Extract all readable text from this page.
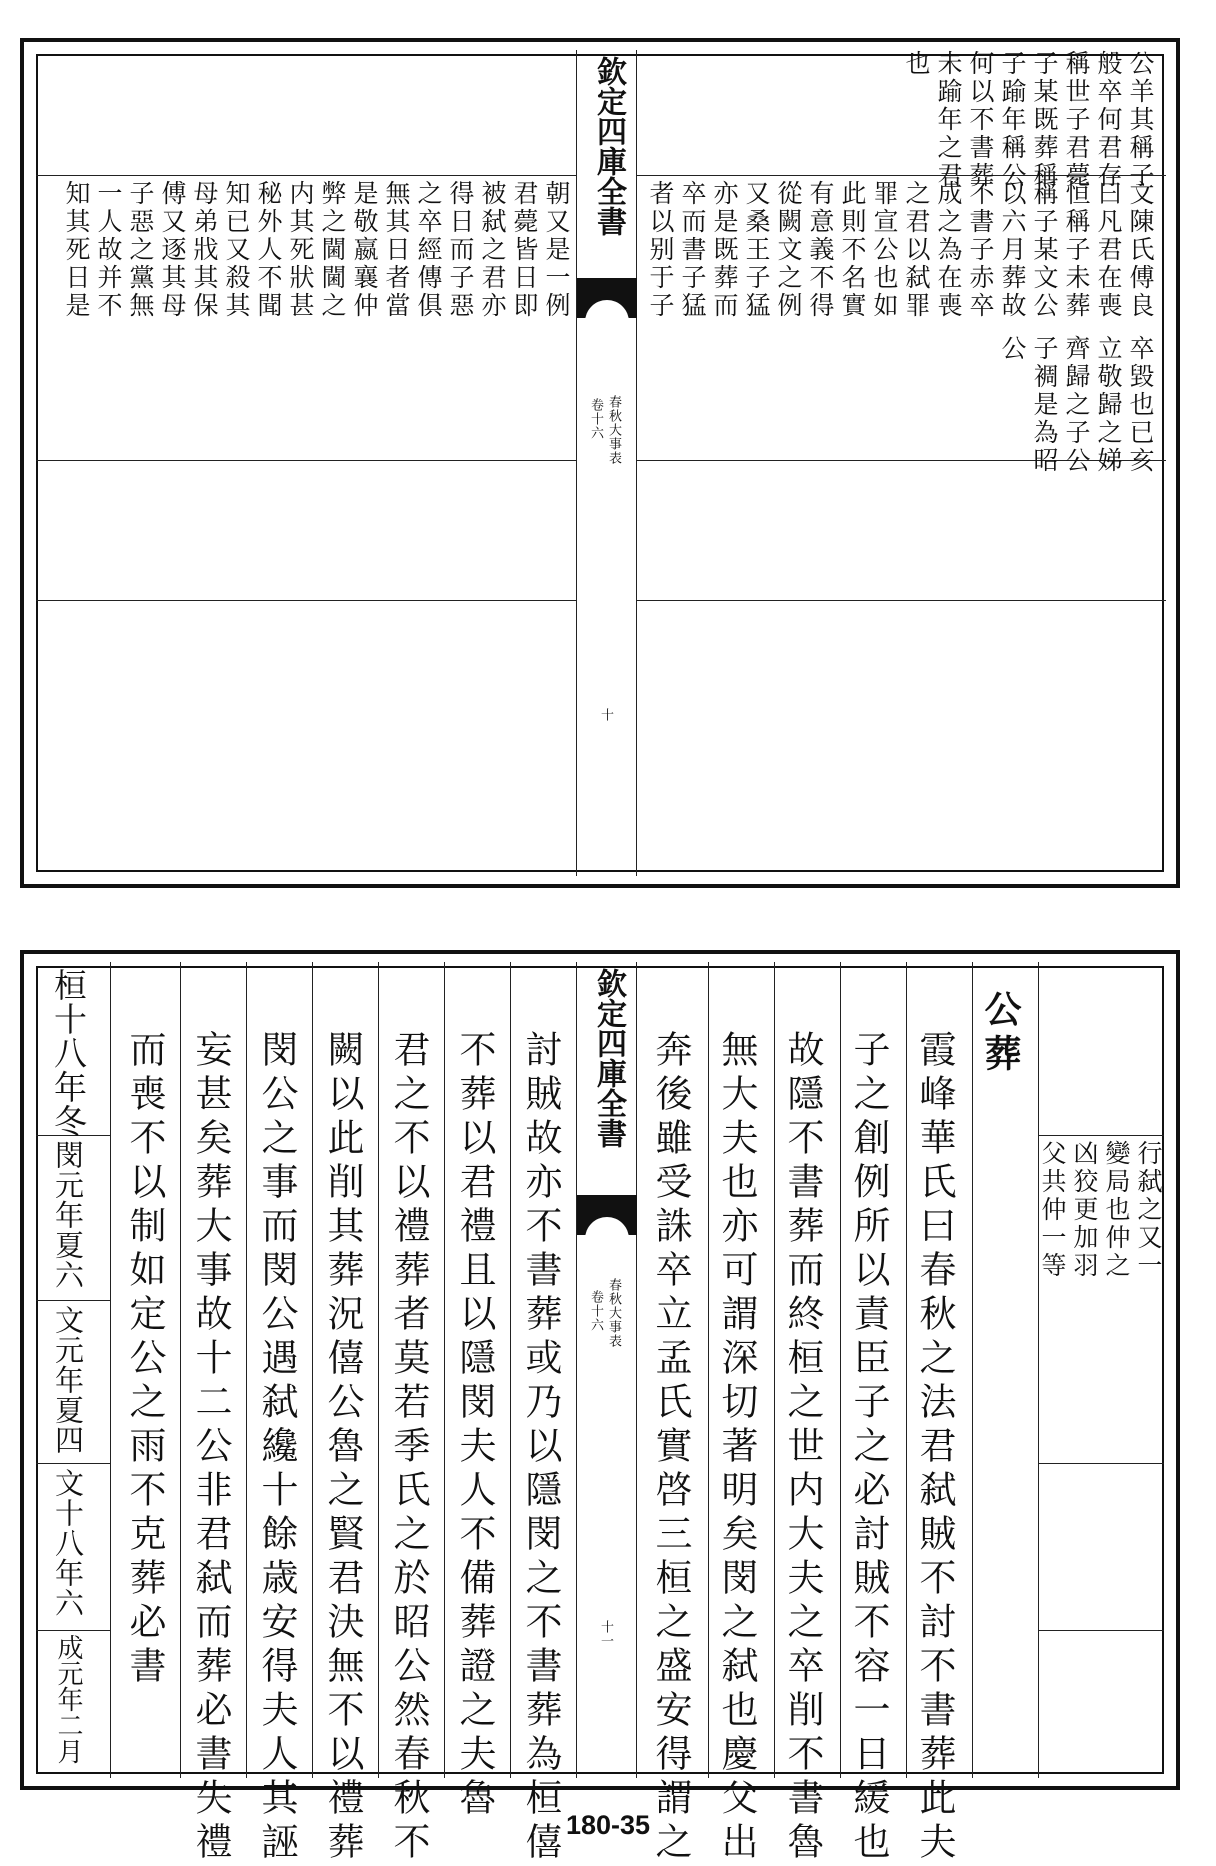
欽定四庫全書
春秋大事表
卷十六
十
公羊其稱子
般卒何君存
稱世子君薨
子某既葬稱
子踰年稱公
何以不書葬
未踰年之君
也
文陳氏傅良
曰凡君在喪
恒稱子未葬
稱子某文公
以六月葬故
不書子赤卒
成之為在喪
之君以弑罪
罪宣公也如
此則不名實
有意義不得
從闕文之例
又桑王子猛
亦是既葬而
卒而書子猛
者以别于子
卒毀也已亥
立敬歸之娣
齊歸之子公
子裯是為昭
公
朝又是一例
君薨皆日即
被弑之君亦
得日而子惡
之卒經傳俱
無其日者當
是敬嬴襄仲
弊之閫閫之
内其死狀甚
秘外人不聞
知已又殺其
母弟戕其保
傅又逐其母
子惡之黨無
一人故并不
知其死日是
欽定四庫全書
春秋大事表
卷十六
十一
行弑之又一
變局也仲之
凶狡更加羽
父共仲一等
公葬
霞峰華氏曰春秋之法君弑賊不討不書葬此夫
子之創例所以責臣子之必討賊不容一日緩也
故隱不書葬而終桓之世内大夫之卒削不書魯
無大夫也亦可謂深切著明矣閔之弑也慶父出
奔後雖受誅卒立孟氏實啓三桓之盛安得謂之
討賊故亦不書葬或乃以隱閔之不書葬為桓僖
不葬以君禮且以隱閔夫人不備葬證之夫魯
君之不以禮葬者莫若季氏之於昭公然春秋不
闕以此削其葬況僖公魯之賢君決無不以禮葬
閔公之事而閔公遇弑纔十餘歳安得夫人其誣
妄甚矣葬大事故十二公非君弑而葬必書失禮
而喪不以制如定公之雨不克葬必書
桓十八年冬
閔元年夏六
文元年夏四
文十八年六
成元年二月
180-35
